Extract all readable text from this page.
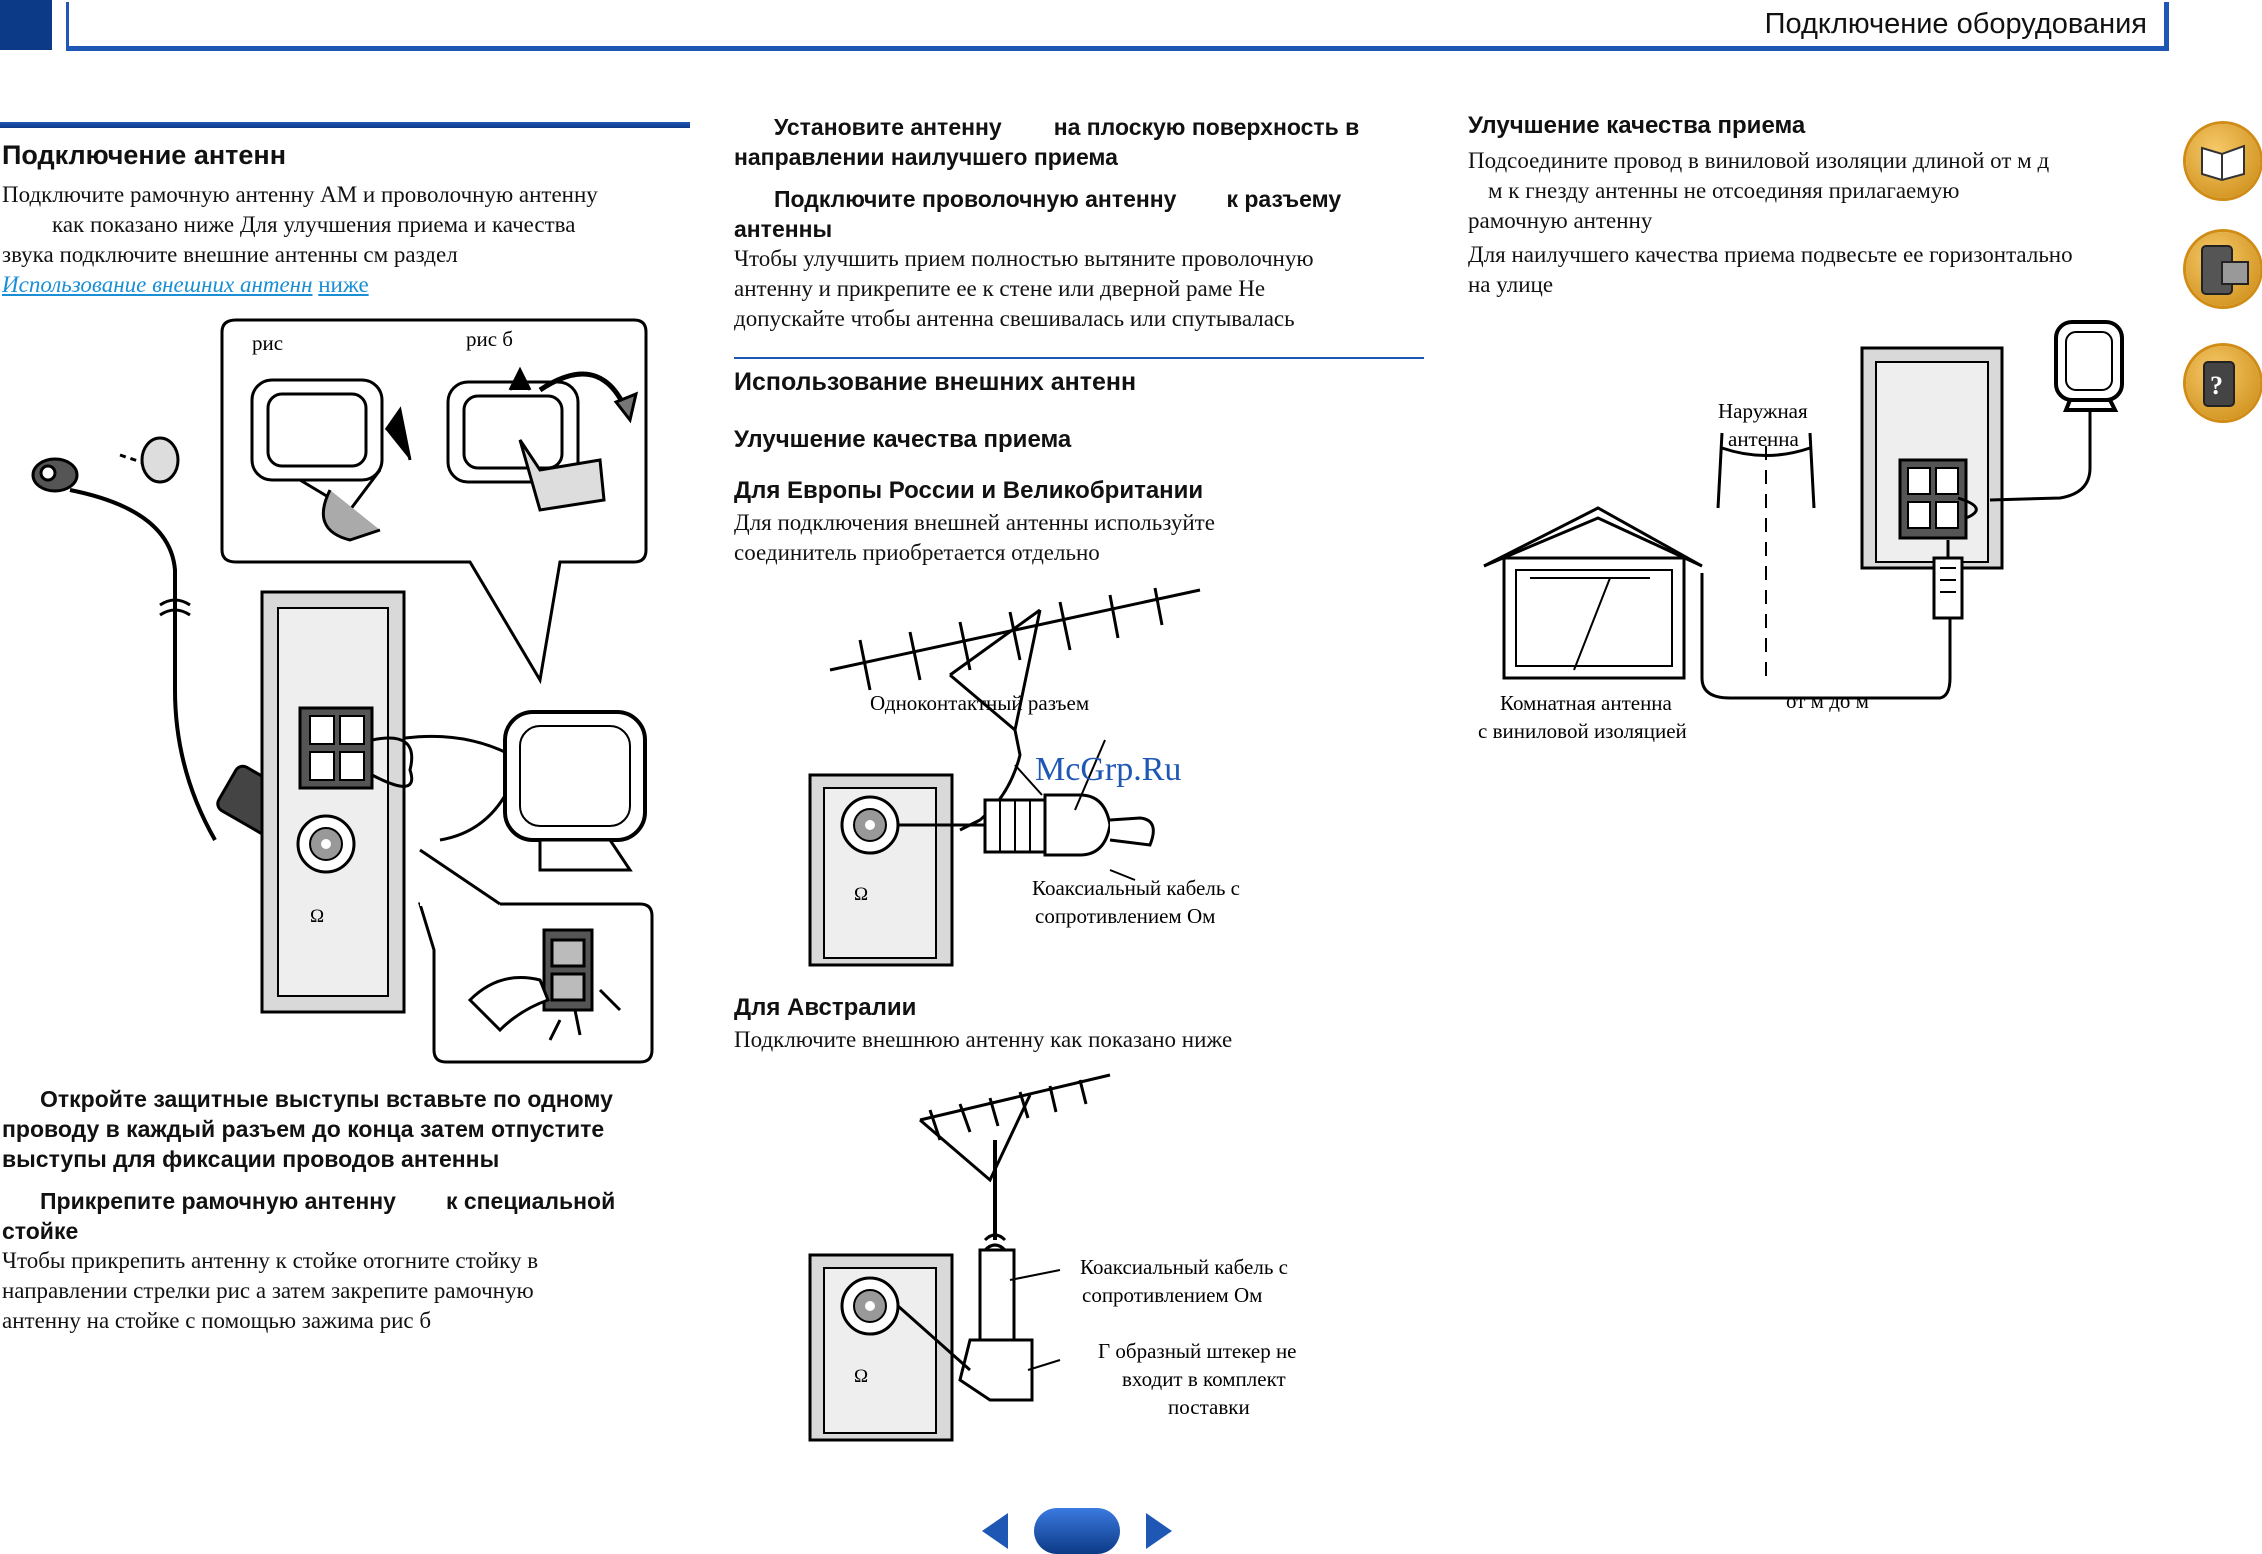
Подключение оборудования
Подключение антенн
Подключите рамочную антенну АМ и проволочную антенну
как показано ниже Для улучшения приема и качества
звука подключите внешние антенны см раздел
Использование внешних антенн ниже
рис	рис б
Ω
Откройте защитные выступы вставьте по одному
проводу в каждый разъем до конца затем отпустите
выступы для фиксации проводов антенны
Прикрепите рамочную антенну к специальной
стойке
Чтобы прикрепить антенну к стойке отогните стойку в
направлении стрелки рис а затем закрепите рамочную
антенну на стойке с помощью зажима рис б
Установите антенну на плоскую поверхность в
направлении наилучшего приема
Подключите проволочную антенну к разъему
антенны
Чтобы улучшить прием полностью вытяните проволочную
антенну и прикрепите ее к стене или дверной раме Не
допускайте чтобы антенна свешивалась или спутывалась
Использование внешних антенн
Улучшение качества приема
Для Европы России и Великобритании
Для подключения внешней антенны используйте
соединитель приобретается отдельно
Одноконтактный разъем
Ω
McGrp.Ru
Коаксиальный кабель с
сопротивлением Ом
Для Австралии
Подключите внешнюю антенну как показано ниже
Ω
Коаксиальный кабель с
сопротивлением Ом
Г образный штекер не
входит в комплект
поставки
Улучшение качества приема
Подсоедините провод в виниловой изоляции длиной от м д
м к гнезду антенны не отсоединяя прилагаемую
рамочную антенну
Для наилучшего качества приема подвесьте ее горизонтально
на улице
Наружная
антенна
Комнатная антенна
с виниловой изоляцией
от м до м
?
